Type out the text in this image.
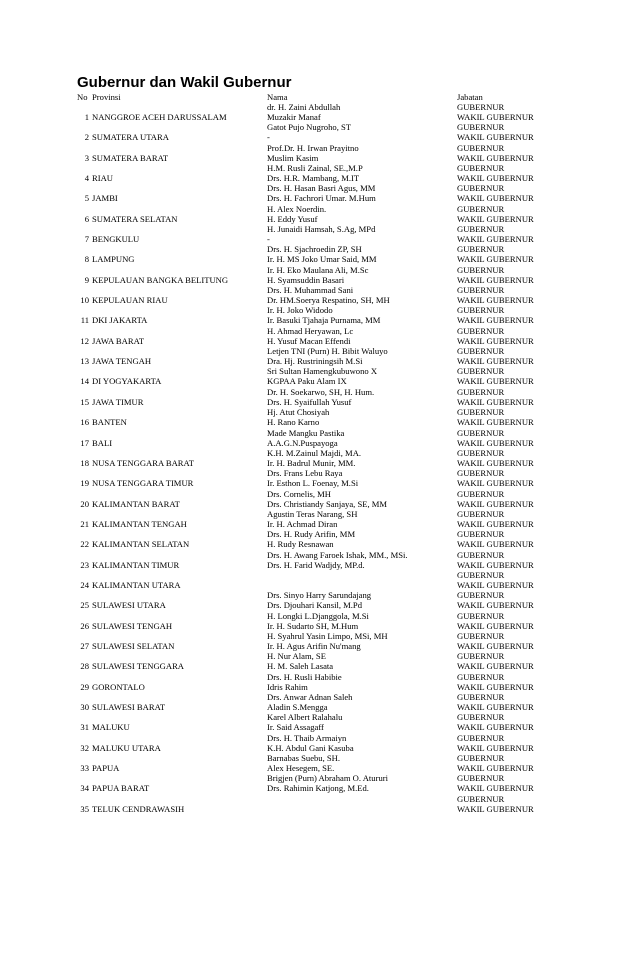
Gubernur dan Wakil Gubernur
No Provinsi	Nama	Jabatan
1 NANGGROE ACEH DARUSSALAM
dr. H. Zaini Abdullah
Muzakir Manaf
GUBERNUR
WAKIL GUBERNUR
2 SUMATERA UTARA
Gatot Pujo Nugroho, ST
-
GUBERNUR
WAKIL GUBERNUR
3 SUMATERA BARAT
Prof.Dr. H. Irwan Prayitno
Muslim Kasim
GUBERNUR
WAKIL GUBERNUR
4 RIAU
H.M. Rusli Zainal, SE.,M.P
Drs. H.R. Mambang, M.IT
GUBERNUR
WAKIL GUBERNUR
5 JAMBI
Drs. H. Hasan Basri Agus, MM
Drs. H. Fachrori Umar. M.Hum
GUBERNUR
WAKIL GUBERNUR
6 SUMATERA SELATAN
H. Alex Noerdin.
H. Eddy Yusuf
GUBERNUR
WAKIL GUBERNUR
7 BENGKULU
H. Junaidi Hamsah, S.Ag, MPd
-
GUBERNUR
WAKIL GUBERNUR
8 LAMPUNG
Drs. H. Sjachroedin ZP, SH
Ir. H. MS Joko Umar Said, MM
GUBERNUR
WAKIL GUBERNUR
9 KEPULAUAN BANGKA BELITUNG
Ir. H. Eko Maulana Ali, M.Sc
H. Syamsuddin Basari
GUBERNUR
WAKIL GUBERNUR
10 KEPULAUAN RIAU
Drs. H. Muhammad Sani
Dr. HM.Soerya Respatino, SH, MH
GUBERNUR
WAKIL GUBERNUR
11 DKI JAKARTA
Ir. H. Joko Widodo
Ir. Basuki Tjahaja Purnama, MM
GUBERNUR
WAKIL GUBERNUR
12 JAWA BARAT
H. Ahmad Heryawan, Lc
H. Yusuf Macan Effendi
GUBERNUR
WAKIL GUBERNUR
13 JAWA TENGAH
Letjen TNI (Purn) H. Bibit Waluyo
Dra. Hj. Rustriningsih M.Si
GUBERNUR
WAKIL GUBERNUR
14 DI YOGYAKARTA
Sri Sultan Hamengkubuwono X
KGPAA Paku Alam IX
GUBERNUR
WAKIL GUBERNUR
15 JAWA TIMUR
Dr. H. Soekarwo, SH, H. Hum.
Drs. H. Syaifullah Yusuf
GUBERNUR
WAKIL GUBERNUR
16 BANTEN
Hj. Atut Chosiyah
H. Rano Karno
GUBERNUR
WAKIL GUBERNUR
17 BALI
Made Mangku Pastika
A.A.G.N.Puspayoga
GUBERNUR
WAKIL GUBERNUR
18 NUSA TENGGARA BARAT
K.H. M.Zainul Majdi, MA.
Ir. H. Badrul Munir, MM.
GUBERNUR
WAKIL GUBERNUR
19 NUSA TENGGARA TIMUR
Drs. Frans Lebu Raya
Ir. Esthon L. Foenay, M.Si
GUBERNUR
WAKIL GUBERNUR
20 KALIMANTAN BARAT
Drs. Cornelis, MH
Drs. Christiandy Sanjaya, SE, MM
GUBERNUR
WAKIL GUBERNUR
21 KALIMANTAN TENGAH
Agustin Teras Narang, SH
Ir. H. Achmad Diran
GUBERNUR
WAKIL GUBERNUR
22 KALIMANTAN SELATAN
Drs. H. Rudy Arifin, MM
H. Rudy Resnawan
GUBERNUR
WAKIL GUBERNUR
23 KALIMANTAN TIMUR
Drs. H. Awang Faroek Ishak, MM., MSi.
Drs. H. Farid Wadjdy, MP.d.
GUBERNUR
WAKIL GUBERNUR
24 KALIMANTAN UTARA
GUBERNUR
WAKIL GUBERNUR
25 SULAWESI UTARA
Drs. Sinyo Harry Sarundajang
Drs. Djouhari Kansil, M.Pd
GUBERNUR
WAKIL GUBERNUR
26 SULAWESI TENGAH
H. Longki L.Djanggola, M.Si
Ir. H. Sudarto SH, M.Hum
GUBERNUR
WAKIL GUBERNUR
27 SULAWESI SELATAN
H. Syahrul Yasin Limpo, MSi, MH
Ir. H. Agus Arifin Nu'mang
GUBERNUR
WAKIL GUBERNUR
28 SULAWESI TENGGARA
H. Nur Alam, SE
H. M. Saleh Lasata
GUBERNUR
WAKIL GUBERNUR
29 GORONTALO
Drs. H. Rusli Habibie
Idris Rahim
GUBERNUR
WAKIL GUBERNUR
30 SULAWESI BARAT
Drs. Anwar Adnan Saleh
Aladin S.Mengga
GUBERNUR
WAKIL GUBERNUR
31 MALUKU
Karel Albert Ralahalu
Ir. Said Assagaff
GUBERNUR
WAKIL GUBERNUR
32 MALUKU UTARA
Drs. H. Thaib Armaiyn
K.H. Abdul Gani Kasuba
GUBERNUR
WAKIL GUBERNUR
33 PAPUA
Barnabas Suebu, SH.
Alex Hesegem, SE.
GUBERNUR
WAKIL GUBERNUR
34 PAPUA BARAT
Brigjen (Purn) Abraham O. Atururi
Drs. Rahimin Katjong, M.Ed.
GUBERNUR
WAKIL GUBERNUR
35 TELUK CENDRAWASIH
GUBERNUR
WAKIL GUBERNUR
